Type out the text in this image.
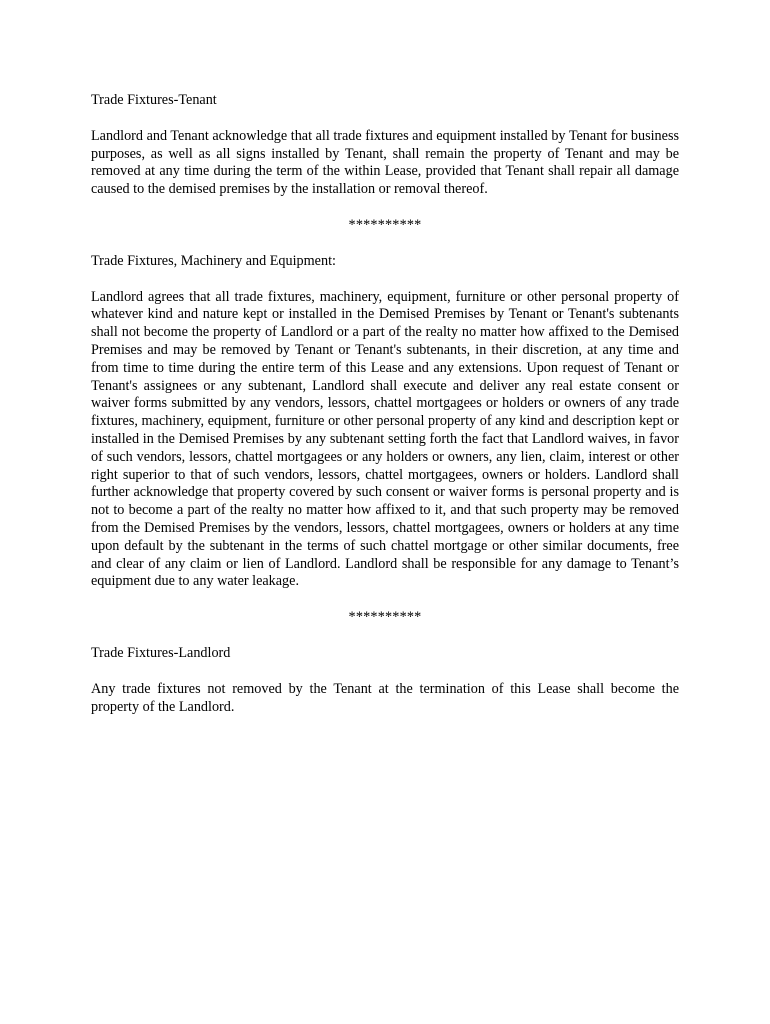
Trade Fixtures-Tenant
Landlord and Tenant acknowledge that all trade fixtures and equipment installed by Tenant for business purposes, as well as all signs installed by Tenant, shall remain the property of Tenant and may be removed at any time during the term of the within Lease, provided that Tenant shall repair all damage caused to the demised premises by the installation or removal thereof.
**********
Trade Fixtures, Machinery and Equipment:
Landlord agrees that all trade fixtures, machinery, equipment, furniture or other personal property of whatever kind and nature kept or installed in the Demised Premises by Tenant or Tenant's subtenants shall not become the property of Landlord or a part of the realty no matter how affixed to the Demised Premises and may be removed by Tenant or Tenant's subtenants, in their discretion, at any time and from time to time during the entire term of this Lease and any extensions. Upon request of Tenant or Tenant's assignees or any subtenant, Landlord shall execute and deliver any real estate consent or waiver forms submitted by any vendors, lessors, chattel mortgagees or holders or owners of any trade fixtures, machinery, equipment, furniture or other personal property of any kind and description kept or installed in the Demised Premises by any subtenant setting forth the fact that Landlord waives, in favor of such vendors, lessors, chattel mortgagees or any holders or owners, any lien, claim, interest or other right superior to that of such vendors, lessors, chattel mortgagees, owners or holders. Landlord shall further acknowledge that property covered by such consent or waiver forms is personal property and is not to become a part of the realty no matter how affixed to it, and that such property may be removed from the Demised Premises by the vendors, lessors, chattel mortgagees, owners or holders at any time upon default by the subtenant in the terms of such chattel mortgage or other similar documents, free and clear of any claim or lien of Landlord. Landlord shall be responsible for any damage to Tenant’s equipment due to any water leakage.
**********
Trade Fixtures-Landlord
Any trade fixtures not removed by the Tenant at the termination of this Lease shall become the property of the Landlord.
